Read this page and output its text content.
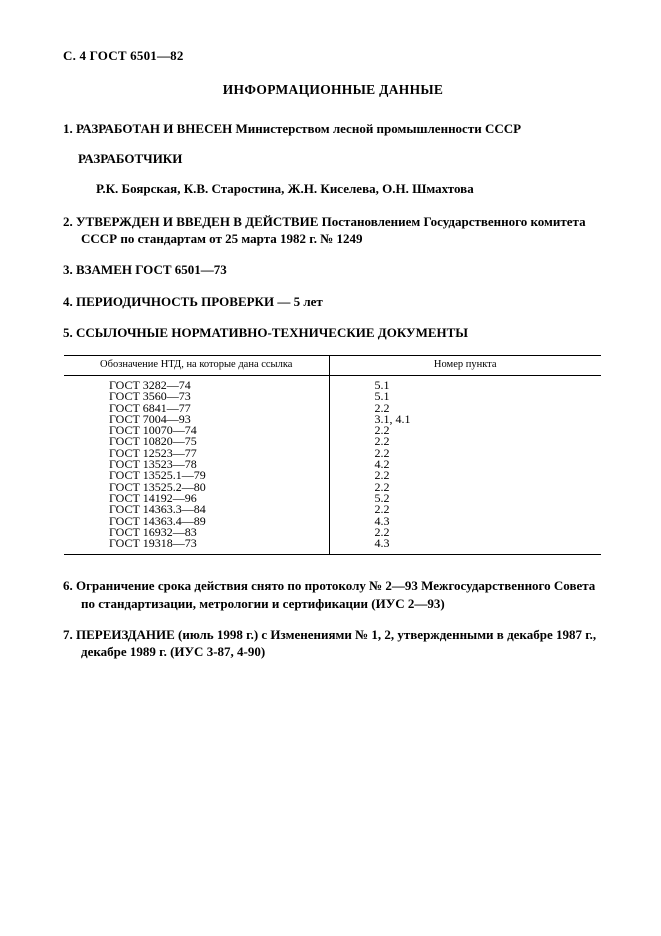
С. 4 ГОСТ 6501—82
ИНФОРМАЦИОННЫЕ ДАННЫЕ
1. РАЗРАБОТАН И ВНЕСЕН Министерством лесной промышленности СССР
РАЗРАБОТЧИКИ
Р.К. Боярская, К.В. Старостина, Ж.Н. Киселева, О.Н. Шмахтова
2. УТВЕРЖДЕН И ВВЕДЕН В ДЕЙСТВИЕ Постановлением Государственного комитета СССР по стандартам от 25 марта 1982 г. № 1249
3. ВЗАМЕН ГОСТ 6501—73
4. ПЕРИОДИЧНОСТЬ ПРОВЕРКИ — 5 лет
5. ССЫЛОЧНЫЕ НОРМАТИВНО-ТЕХНИЧЕСКИЕ ДОКУМЕНТЫ
Обозначение НТД, на которые дана ссылка	Номер пункта
ГОСТ 3282—74	5.1
ГОСТ 3560—73	5.1
ГОСТ 6841—77	2.2
ГОСТ 7004—93	3.1, 4.1
ГОСТ 10070—74	2.2
ГОСТ 10820—75	2.2
ГОСТ 12523—77	2.2
ГОСТ 13523—78	4.2
ГОСТ 13525.1—79	2.2
ГОСТ 13525.2—80	2.2
ГОСТ 14192—96	5.2
ГОСТ 14363.3—84	2.2
ГОСТ 14363.4—89	4.3
ГОСТ 16932—83	2.2
ГОСТ 19318—73	4.3
6. Ограничение срока действия снято по протоколу № 2—93 Межгосударственного Совета по стандартизации, метрологии и сертификации (ИУС 2—93)
7. ПЕРЕИЗДАНИЕ (июль 1998 г.) с Изменениями № 1, 2, утвержденными в декабре 1987 г., декабре 1989 г. (ИУС 3-87, 4-90)
